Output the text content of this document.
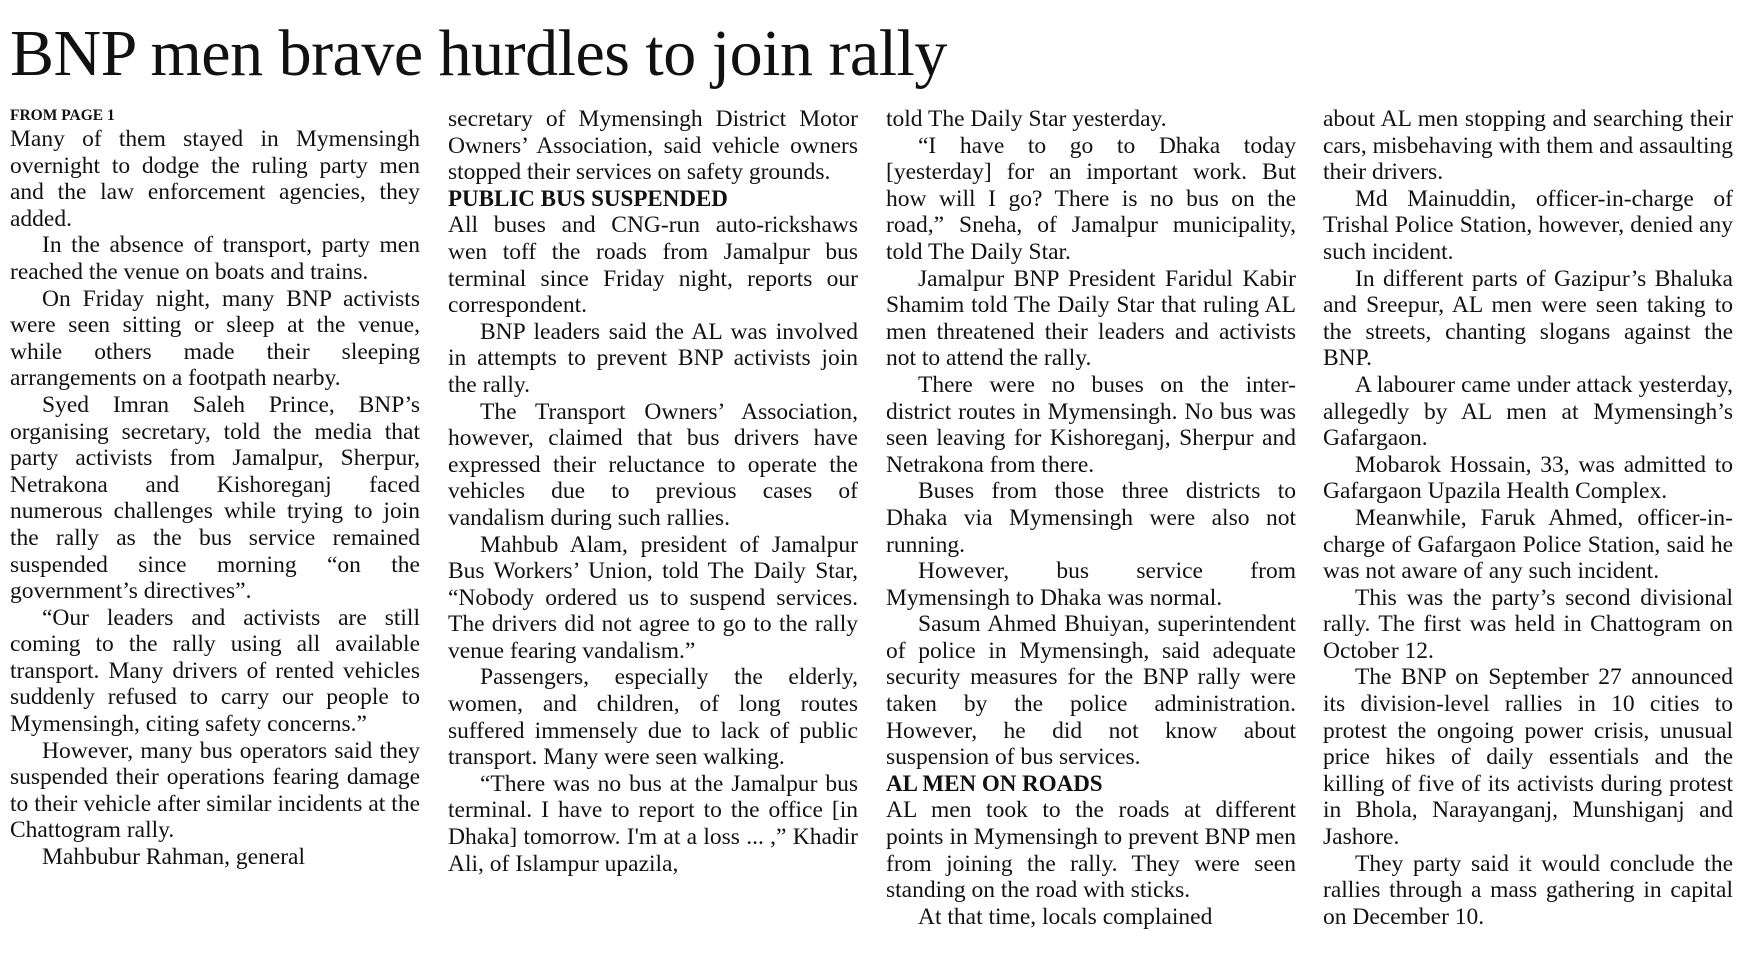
BNP men brave hurdles to join rally
FROM PAGE 1

Many of them stayed in Mymensingh overnight to dodge the ruling party men and the law enforcement agencies, they added.

In the absence of transport, party men reached the venue on boats and trains.

On Friday night, many BNP activists were seen sitting or sleep at the venue, while others made their sleeping arrangements on a footpath nearby.

Syed Imran Saleh Prince, BNP’s organising secretary, told the media that party activists from Jamalpur, Sherpur, Netrakona and Kishoreganj faced numerous challenges while trying to join the rally as the bus service remained suspended since morning “on the government’s directives”.

“Our leaders and activists are still coming to the rally using all available transport. Many drivers of rented vehicles suddenly refused to carry our people to Mymensingh, citing safety concerns.”

However, many bus operators said they suspended their operations fearing damage to their vehicle after similar incidents at the Chattogram rally.

Mahbubur Rahman, general

secretary of Mymensingh District Motor Owners’ Association, said vehicle owners stopped their services on safety grounds.

PUBLIC BUS SUSPENDED

All buses and CNG-run auto-rickshaws wen toff the roads from Jamalpur bus terminal since Friday night, reports our correspondent.

BNP leaders said the AL was involved in attempts to prevent BNP activists join the rally.

The Transport Owners’ Association, however, claimed that bus drivers have expressed their reluctance to operate the vehicles due to previous cases of vandalism during such rallies.

Mahbub Alam, president of Jamalpur Bus Workers’ Union, told The Daily Star, “Nobody ordered us to suspend services. The drivers did not agree to go to the rally venue fearing vandalism.”

Passengers, especially the elderly, women, and children, of long routes suffered immensely due to lack of public transport. Many were seen walking.

“There was no bus at the Jamalpur bus terminal. I have to report to the office [in Dhaka] tomorrow. I'm at a loss ... ,” Khadir Ali, of Islampur upazila,

told The Daily Star yesterday.

“I have to go to Dhaka today [yesterday] for an important work. But how will I go? There is no bus on the road,” Sneha, of Jamalpur municipality, told The Daily Star.

Jamalpur BNP President Faridul Kabir Shamim told The Daily Star that ruling AL men threatened their leaders and activists not to attend the rally.

There were no buses on the inter-district routes in Mymensingh. No bus was seen leaving for Kishoreganj, Sherpur and Netrakona from there.

Buses from those three districts to Dhaka via Mymensingh were also not running.

However, bus service from Mymensingh to Dhaka was normal.

Sasum Ahmed Bhuiyan, superintendent of police in Mymensingh, said adequate security measures for the BNP rally were taken by the police administration. However, he did not know about suspension of bus services.

AL MEN ON ROADS

AL men took to the roads at different points in Mymensingh to prevent BNP men from joining the rally. They were seen standing on the road with sticks.

At that time, locals complained

about AL men stopping and searching their cars, misbehaving with them and assaulting their drivers.

Md Mainuddin, officer-in-charge of Trishal Police Station, however, denied any such incident.

In different parts of Gazipur’s Bhaluka and Sreepur, AL men were seen taking to the streets, chanting slogans against the BNP.

A labourer came under attack yesterday, allegedly by AL men at Mymensingh’s Gafargaon.

Mobarok Hossain, 33, was admitted to Gafargaon Upazila Health Complex.

Meanwhile, Faruk Ahmed, officer-in-charge of Gafargaon Police Station, said he was not aware of any such incident.

This was the party’s second divisional rally. The first was held in Chattogram on October 12.

The BNP on September 27 announced its division-level rallies in 10 cities to protest the ongoing power crisis, unusual price hikes of daily essentials and the killing of five of its activists during protest in Bhola, Narayanganj, Munshiganj and Jashore.

They party said it would conclude the rallies through a mass gathering in capital on December 10.
